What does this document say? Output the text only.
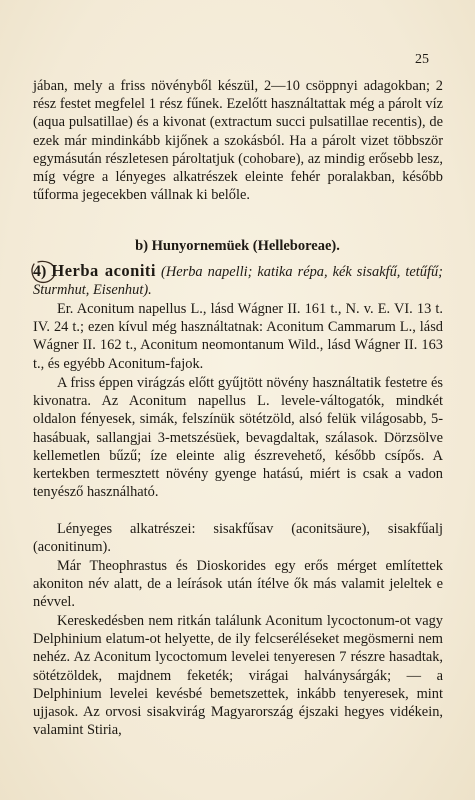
25
jában, mely a friss növényből készül, 2—10 csöppnyi adagokban; 2 rész festet megfelel 1 rész fűnek. Ezelőtt használtattak még a párolt víz (aqua pulsatillae) és a kivonat (extractum succi pulsatillae recentis), de ezek már mindinkább kijőnek a szokásból. Ha a párolt vizet többször egymásután részletesen pároltatjuk (cohobare), az mindig erősebb lesz, míg végre a lényeges alkatrészek eleinte fehér poralakban, később tűforma jegecekben vállnak ki belőle.
b) Hunyornemüek (Helleboreae).
4) Herba aconiti (Herba napelli; katika répa, kék sisakfű, tetűfű; Sturmhut, Eisenhut).
Er. Aconitum napellus L., lásd Wágner II. 161 t., N. v. E. VI. 13 t. IV. 24 t.; ezen kívul még használtatnak: Aconitum Cammarum L., lásd Wágner II. 162 t., Aconitum neomontanum Wild., lásd Wágner II. 163 t., és egyébb Aconitum-fajok.
A friss éppen virágzás előtt gyűjtött növény használtatik festetre és kivonatra. Az Aconitum napellus L. levele-váltogatók, mindkét oldalon fényesek, simák, felszínük sötétzöld, alsó felük világosabb, 5-hasábuak, sallangjai 3-metszésüek, bevagdaltak, szálasok. Dörzsölve kellemetlen bűzű; íze eleinte alig észrevehető, később csípős. A kertekben termesztett növény gyenge hatású, miért is csak a vadon tenyésző használható.
Lényeges alkatrészei: sisakfűsav (aconitsäure), sisakfűalj (aconitinum).
Már Theophrastus és Dioskorides egy erős mérget említettek akoniton név alatt, de a leírások után ítélve ők más valamit jeleltek e névvel.
Kereskedésben nem ritkán találunk Aconitum lycoctonum-ot vagy Delphinium elatum-ot helyette, de ily felcseréléseket megösmerni nem nehéz. Az Aconitum lycoctomum levelei tenyeresen 7 részre hasadtak, sötétzöldek, majdnem feketék; virágai halványsárgák; — a Delphinium levelei kevésbé bemetszettek, inkább tenyeresek, mint ujjasok. Az orvosi sisakvirág Magyarország éjszaki hegyes vidékein, valamint Stiria,
